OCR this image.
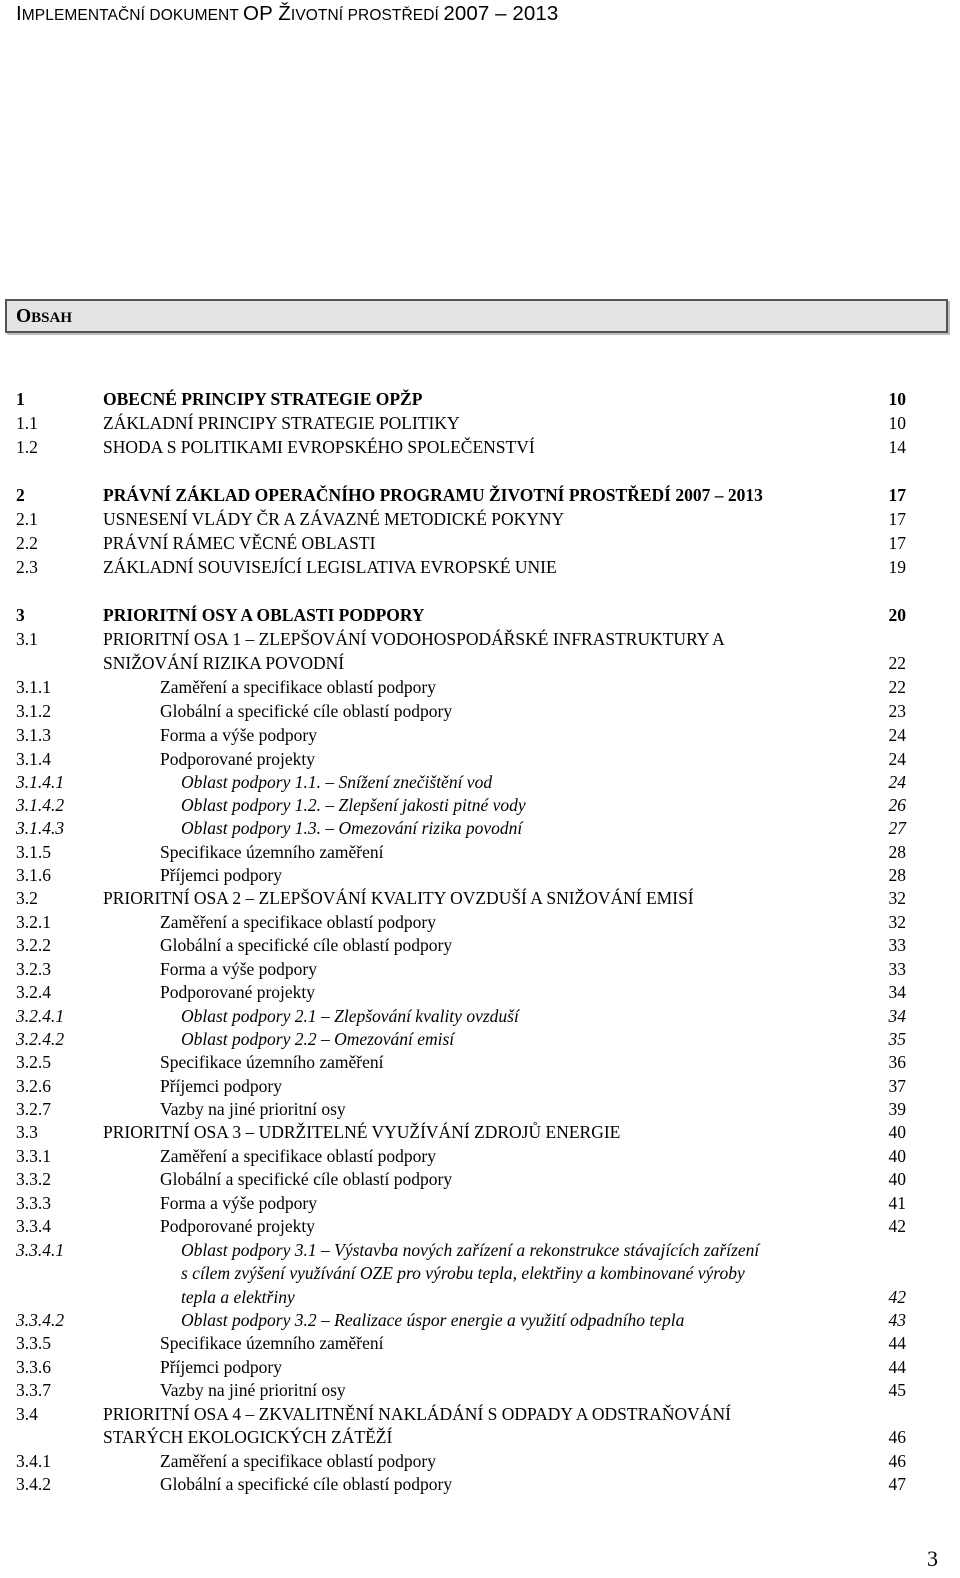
IMPLEMENTAČNÍ DOKUMENT OP ŽIVOTNÍ PROSTŘEDÍ 2007 – 2013
OBSAH
1	OBECNÉ PRINCIPY STRATEGIE OPŽP	10
1.1	ZÁKLADNÍ PRINCIPY STRATEGIE POLITIKY	10
1.2	SHODA S POLITIKAMI EVROPSKÉHO SPOLEČENSTVÍ	14
2	PRÁVNÍ ZÁKLAD OPERAČNÍHO PROGRAMU ŽIVOTNÍ PROSTŘEDÍ 2007 – 2013	17
2.1	USNESENÍ VLÁDY ČR A ZÁVAZNÉ METODICKÉ POKYNY	17
2.2	PRÁVNÍ RÁMEC VĚCNÉ OBLASTI	17
2.3	ZÁKLADNÍ SOUVISEJÍCÍ LEGISLATIVA EVROPSKÉ UNIE	19
3	PRIORITNÍ OSY A OBLASTI PODPORY	20
3.1	PRIORITNÍ OSA 1 – ZLEPŠOVÁNÍ VODOHOSPODÁŘSKÉ INFRASTRUKTURY A
SNIŽOVÁNÍ RIZIKA POVODNÍ	22
3.1.1	Zaměření a specifikace oblastí podpory	22
3.1.2	Globální a specifické cíle oblastí podpory	23
3.1.3	Forma a výše podpory	24
3.1.4	Podporované projekty	24
3.1.4.1	Oblast podpory 1.1. – Snížení znečištění vod	24
3.1.4.2	Oblast podpory 1.2. – Zlepšení jakosti pitné vody	26
3.1.4.3	Oblast podpory 1.3. – Omezování rizika povodní	27
3.1.5	Specifikace územního zaměření	28
3.1.6	Příjemci podpory	28
3.2	PRIORITNÍ OSA 2 – ZLEPŠOVÁNÍ KVALITY OVZDUŠÍ A SNIŽOVÁNÍ EMISÍ	32
3.2.1	Zaměření a specifikace oblastí podpory	32
3.2.2	Globální a specifické cíle oblastí podpory	33
3.2.3	Forma a výše podpory	33
3.2.4	Podporované projekty	34
3.2.4.1	Oblast podpory 2.1 – Zlepšování kvality ovzduší	34
3.2.4.2	Oblast podpory 2.2 – Omezování emisí	35
3.2.5	Specifikace územního zaměření	36
3.2.6	Příjemci podpory	37
3.2.7	Vazby na jiné prioritní osy	39
3.3	PRIORITNÍ OSA 3 – UDRŽITELNÉ VYUŽÍVÁNÍ ZDROJŮ ENERGIE	40
3.3.1	Zaměření a specifikace oblastí podpory	40
3.3.2	Globální a specifické cíle oblastí podpory	40
3.3.3	Forma a výše podpory	41
3.3.4	Podporované projekty	42
3.3.4.1	Oblast podpory 3.1 – Výstavba nových zařízení a rekonstrukce stávajících zařízení
s cílem zvýšení využívání OZE pro výrobu tepla, elektřiny a kombinované výroby
tepla a elektřiny	42
3.3.4.2	Oblast podpory 3.2 – Realizace úspor energie a využití odpadního tepla	43
3.3.5	Specifikace územního zaměření	44
3.3.6	Příjemci podpory	44
3.3.7	Vazby na jiné prioritní osy	45
3.4	PRIORITNÍ OSA 4 – ZKVALITNĚNÍ NAKLÁDÁNÍ S ODPADY A ODSTRAŇOVÁNÍ
STARÝCH EKOLOGICKÝCH ZÁTĚŽÍ	46
3.4.1	Zaměření a specifikace oblastí podpory	46
3.4.2	Globální a specifické cíle oblastí podpory	47
3
